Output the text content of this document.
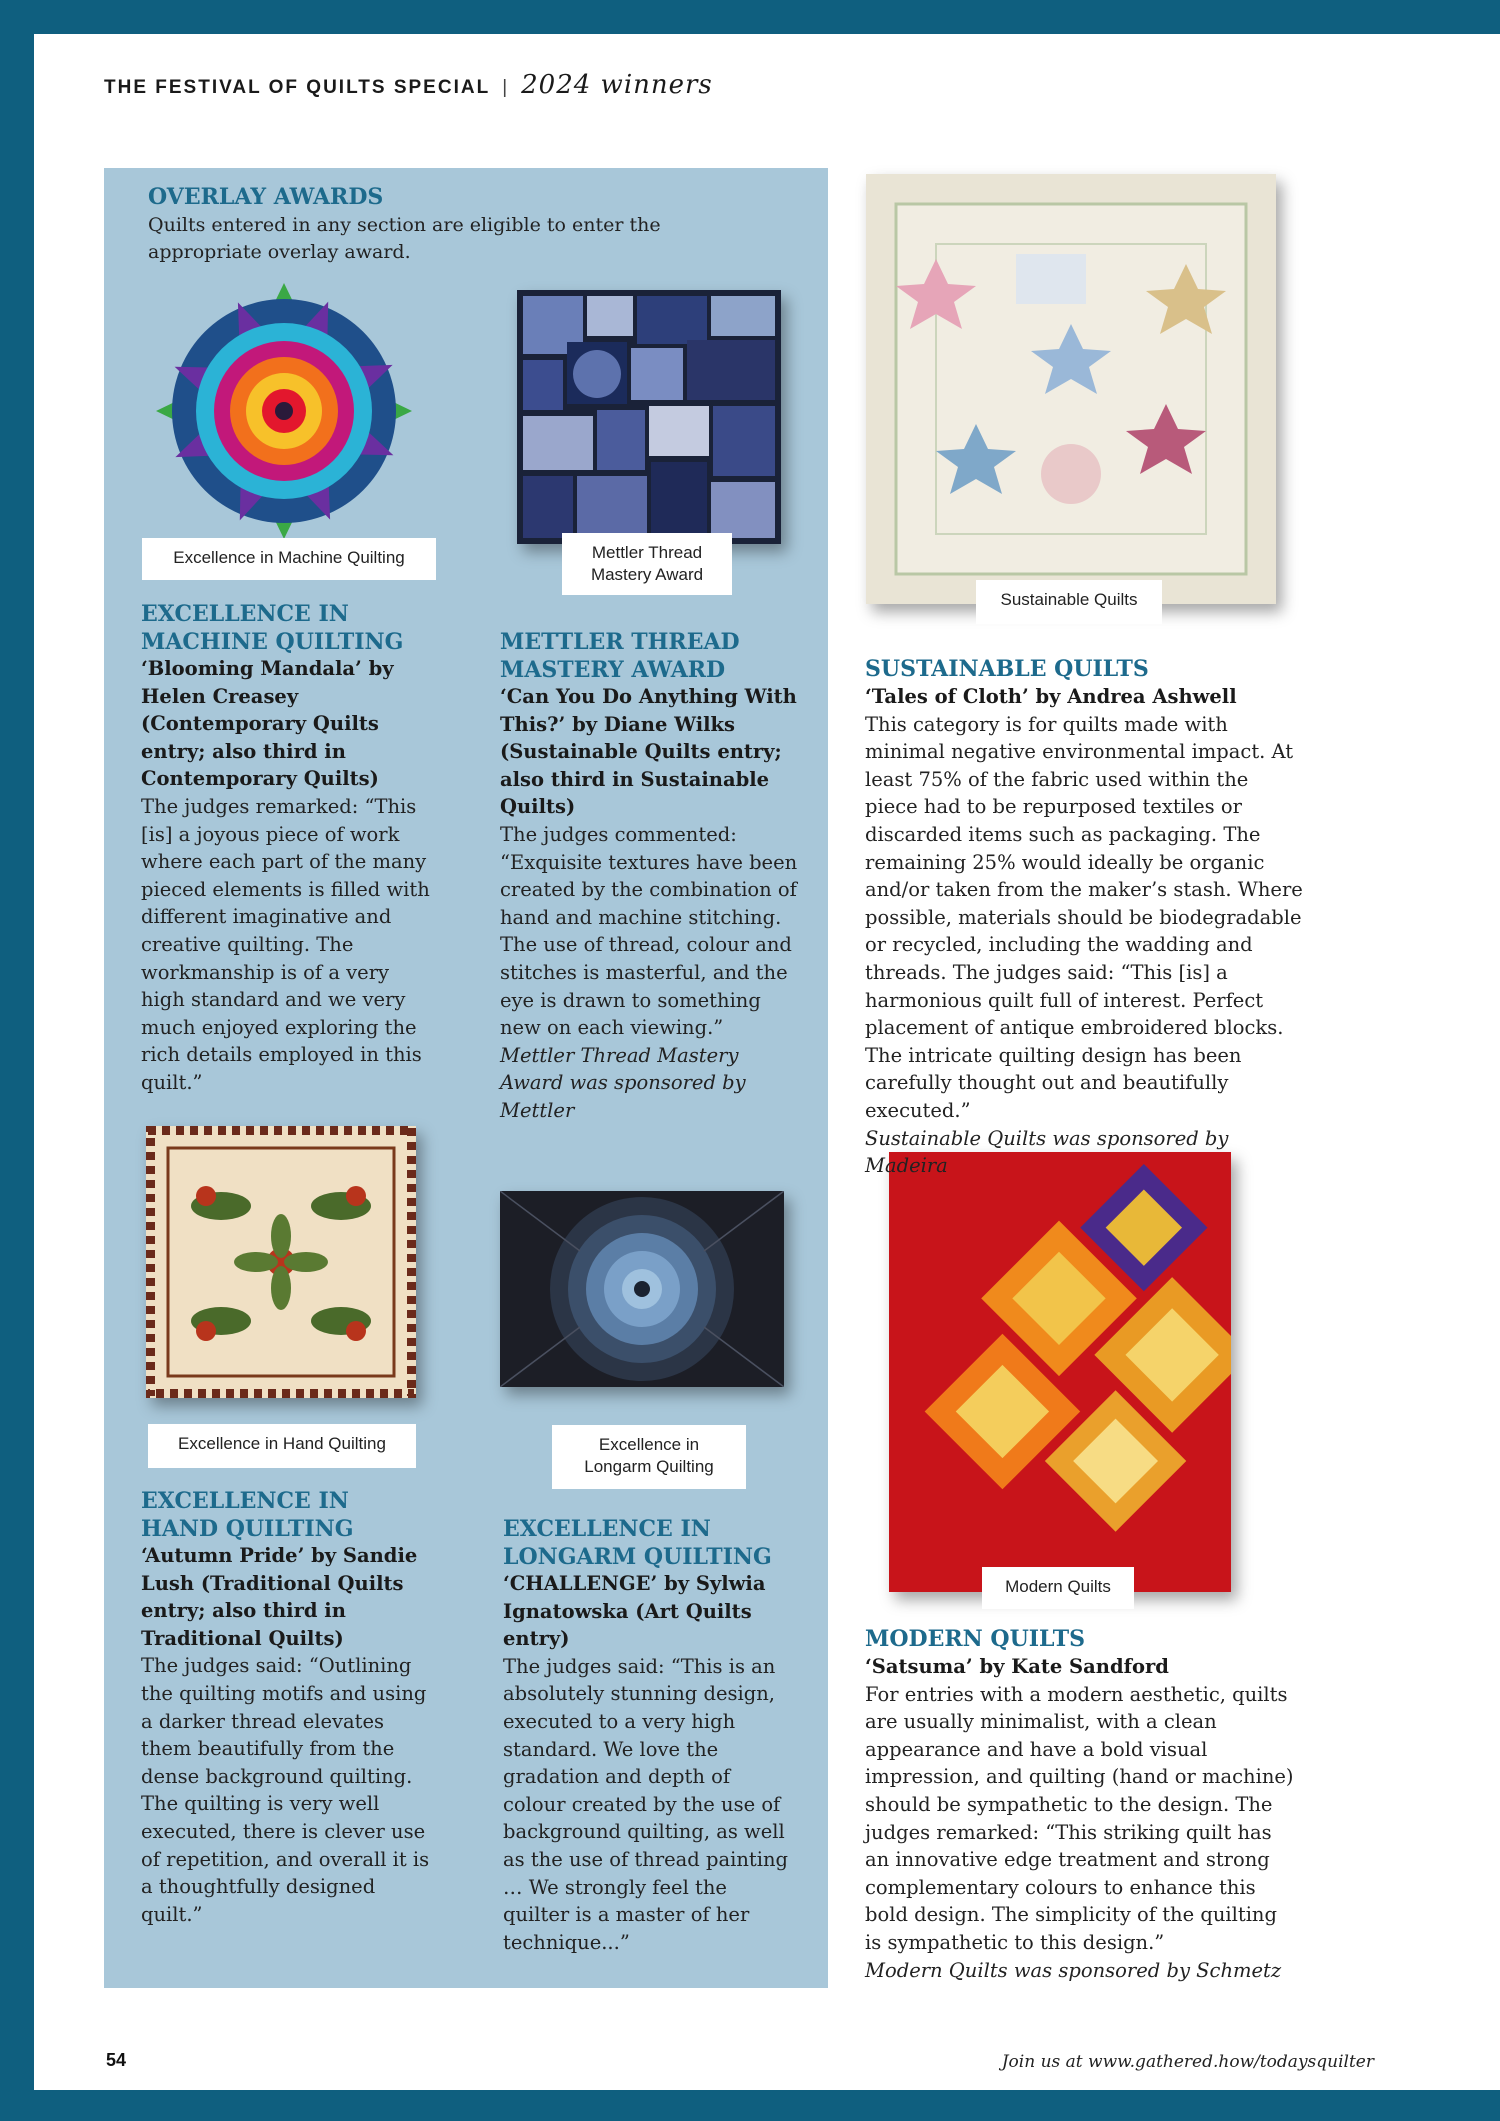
THE FESTIVAL OF QUILTS SPECIAL | 2024 winners
OVERLAY AWARDS
Quilts entered in any section are eligible to enter the appropriate overlay award.
Excellence in Machine Quilting	Mettler Thread Mastery Award
Sustainable Quilts
Excellence in Hand Quilting	Excellence in Longarm Quilting
Modern Quilts
EXCELLENCE IN
MACHINE QUILTING	METTLER THREAD
MASTERY AWARD	SUSTAINABLE QUILTS
EXCELLENCE IN
HAND QUILTING	EXCELLENCE IN
LONGARM QUILTING
MODERN QUILTS
‘Blooming Mandala’ by Helen Creasey (Contemporary Quilts entry; also third in Contemporary Quilts)
The judges remarked: “This [is] a joyous piece of work where each part of the many pieced elements is filled with different imaginative and creative quilting. The workmanship is of a very high standard and we very much enjoyed exploring the rich details employed in this quilt.”
‘Can You Do Anything With This?’ by Diane Wilks (Sustainable Quilts entry; also third in Sustainable Quilts)
The judges commented: “Exquisite textures have been created by the combination of hand and machine stitching. The use of thread, colour and stitches is masterful, and the eye is drawn to something new on each viewing.”
Mettler Thread Mastery Award was sponsored by Mettler
‘Tales of Cloth’ by Andrea Ashwell
This category is for quilts made with minimal negative environmental impact. At least 75% of the fabric used within the piece had to be repurposed textiles or discarded items such as packaging. The remaining 25% would ideally be organic and/or taken from the maker’s stash. Where possible, materials should be biodegradable or recycled, including the wadding and threads. The judges said: “This [is] a harmonious quilt full of interest. Perfect placement of antique embroidered blocks. The intricate quilting design has been carefully thought out and beautifully executed.”
Sustainable Quilts was sponsored by Madeira
‘Autumn Pride’ by Sandie Lush (Traditional Quilts entry; also third in Traditional Quilts)
The judges said: “Outlining the quilting motifs and using a darker thread elevates them beautifully from the dense background quilting. The quilting is very well executed, there is clever use of repetition, and overall it is a thoughtfully designed quilt.”
‘CHALLENGE’ by Sylwia Ignatowska (Art Quilts entry)
The judges said: “This is an absolutely stunning design, executed to a very high standard. We love the gradation and depth of colour created by the use of background quilting, as well as the use of thread painting … We strongly feel the quilter is a master of her technique...”
‘Satsuma’ by Kate Sandford
For entries with a modern aesthetic, quilts are usually minimalist, with a clean appearance and have a bold visual impression, and quilting (hand or machine) should be sympathetic to the design. The judges remarked: “This striking quilt has an innovative edge treatment and strong complementary colours to enhance this bold design. The simplicity of the quilting is sympathetic to this design.”
Modern Quilts was sponsored by Schmetz
54	Join us at www.gathered.how/todaysquilter
